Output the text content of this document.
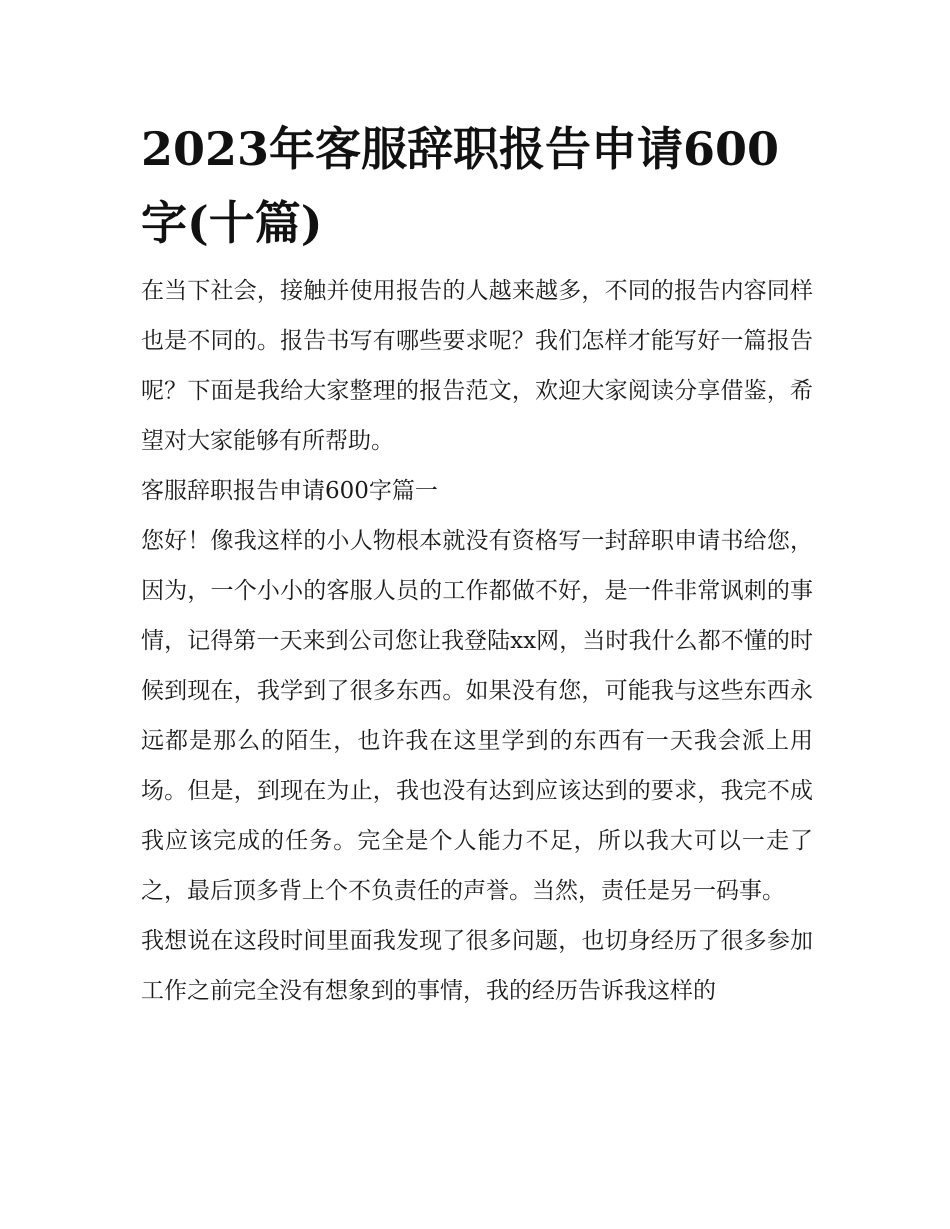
2023年客服辞职报告申请600字(十篇)

在当下社会，接触并使用报告的人越来越多，不同的报告内容同样也是不同的。报告书写有哪些要求呢？我们怎样才能写好一篇报告呢？下面是我给大家整理的报告范文，欢迎大家阅读分享借鉴，希望对大家能够有所帮助。

客服辞职报告申请600字篇一

您好！像我这样的小人物根本就没有资格写一封辞职申请书给您，因为，一个小小的客服人员的工作都做不好，是一件非常讽刺的事情，记得第一天来到公司您让我登陆xx网，当时我什么都不懂的时候到现在，我学到了很多东西。如果没有您，可能我与这些东西永远都是那么的陌生，也许我在这里学到的东西有一天我会派上用场。但是，到现在为止，我也没有达到应该达到的要求，我完不成我应该完成的任务。完全是个人能力不足，所以我大可以一走了之，最后顶多背上个不负责任的声誉。当然，责任是另一码事。

我想说在这段时间里面我发现了很多问题，也切身经历了很多参加工作之前完全没有想象到的事情，我的经历告诉我这样的
